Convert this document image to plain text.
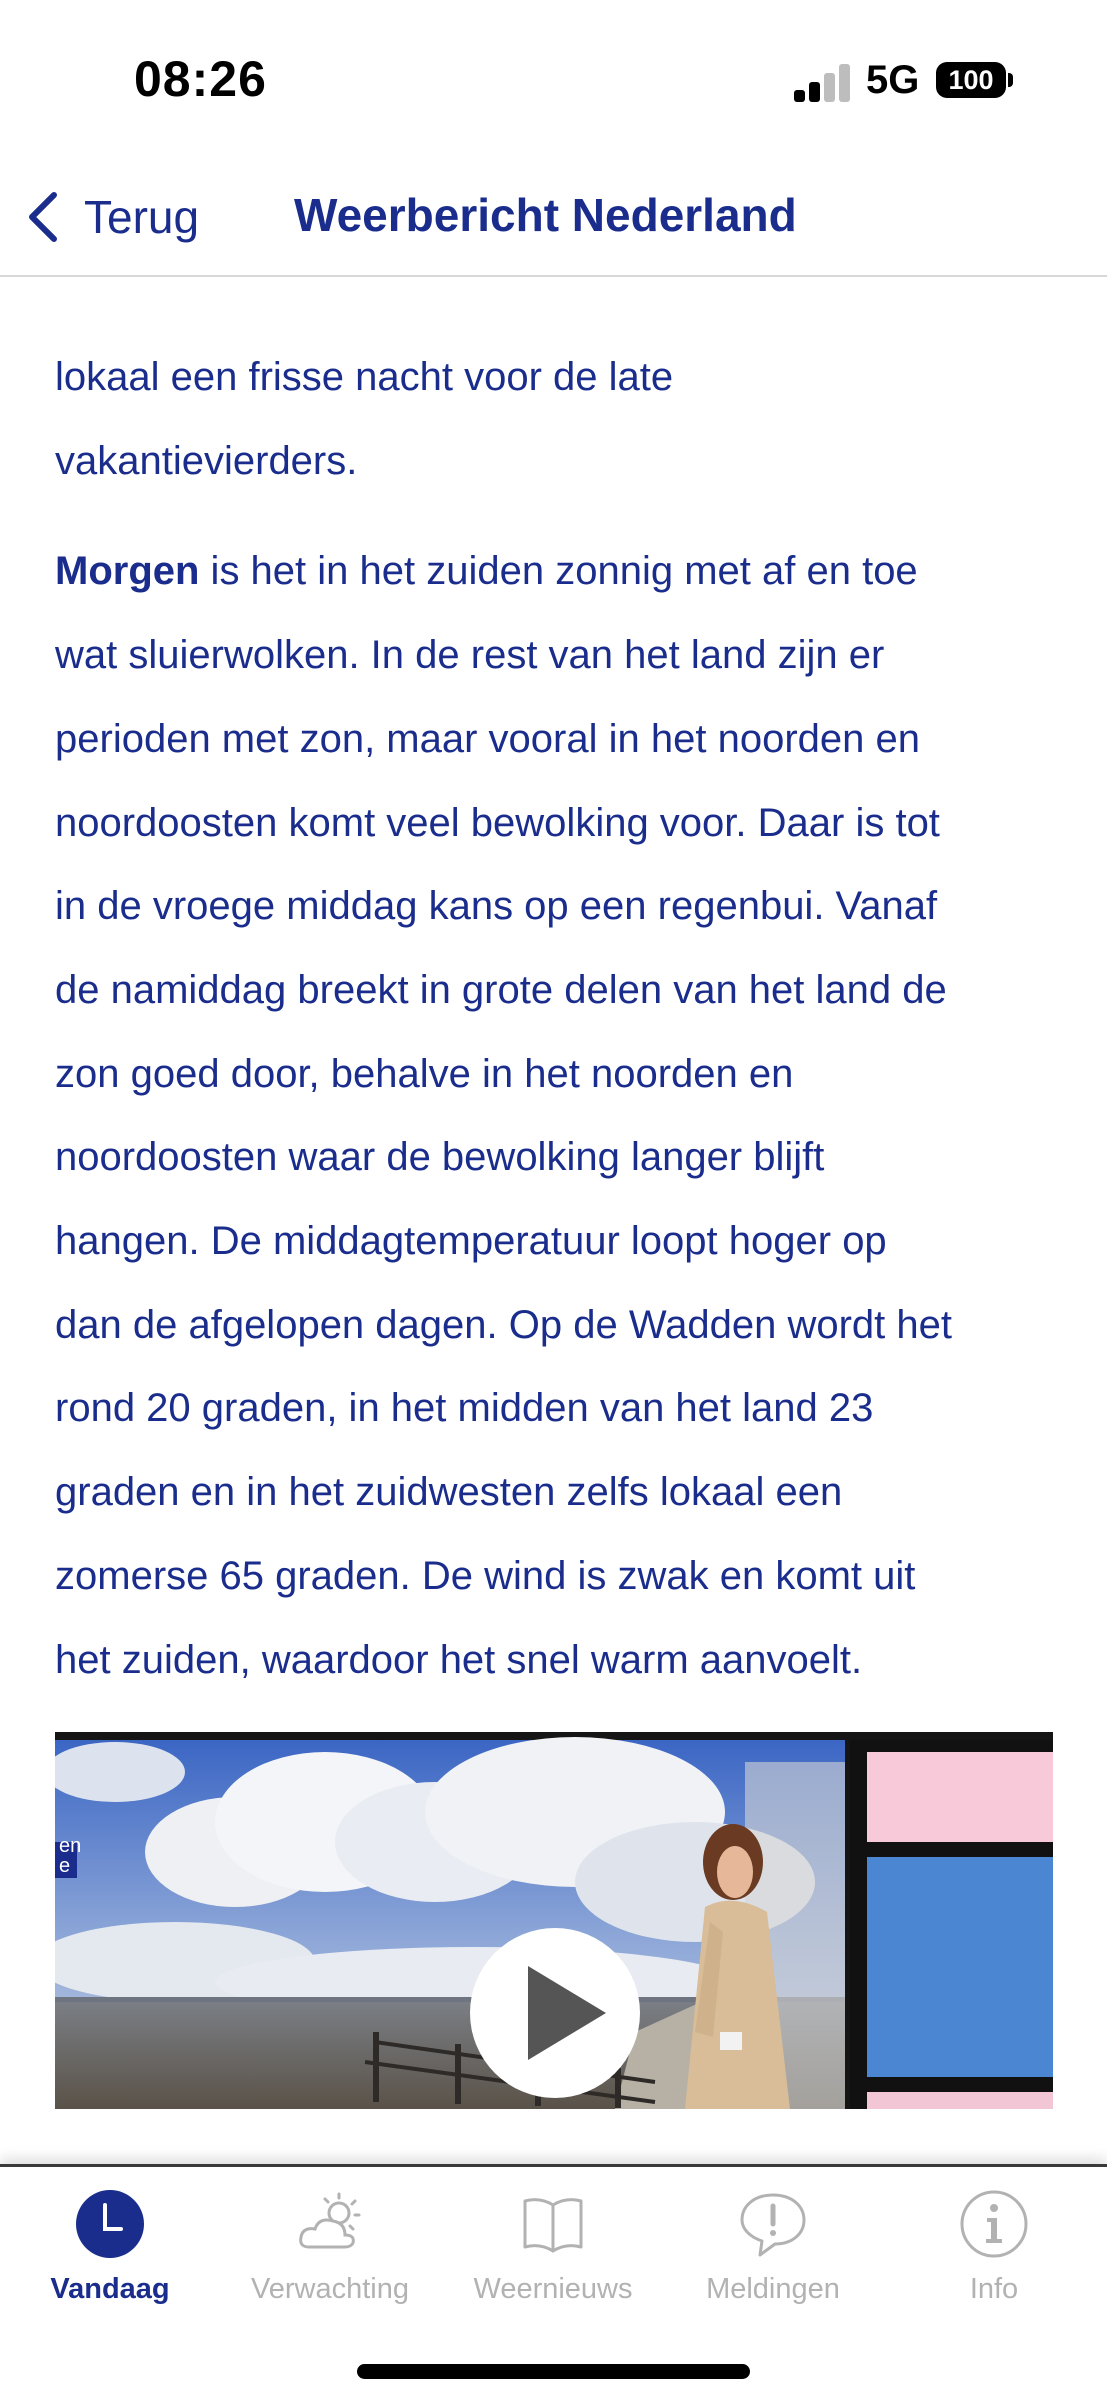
08:26	5G	100
Terug Weerbericht Nederland

lokaal een frisse nacht voor de late
vakantievierders.

Morgen is het in het zuiden zonnig met af en toe
wat sluierwolken. In de rest van het land zijn er
perioden met zon, maar vooral in het noorden en
noordoosten komt veel bewolking voor. Daar is tot
in de vroege middag kans op een regenbui. Vanaf
de namiddag breekt in grote delen van het land de
zon goed door, behalve in het noorden en
noordoosten waar de bewolking langer blijft
hangen. De middagtemperatuur loopt hoger op
dan de afgelopen dagen. Op de Wadden wordt het
rond 20 graden, in het midden van het land 23
graden en in het zuidwesten zelfs lokaal een
zomerse 65 graden. De wind is zwak en komt uit
het zuiden, waardoor het snel warm aanvoelt.

en
e
Vandaag	Verwachting	Weernieuws	Meldingen	Info
